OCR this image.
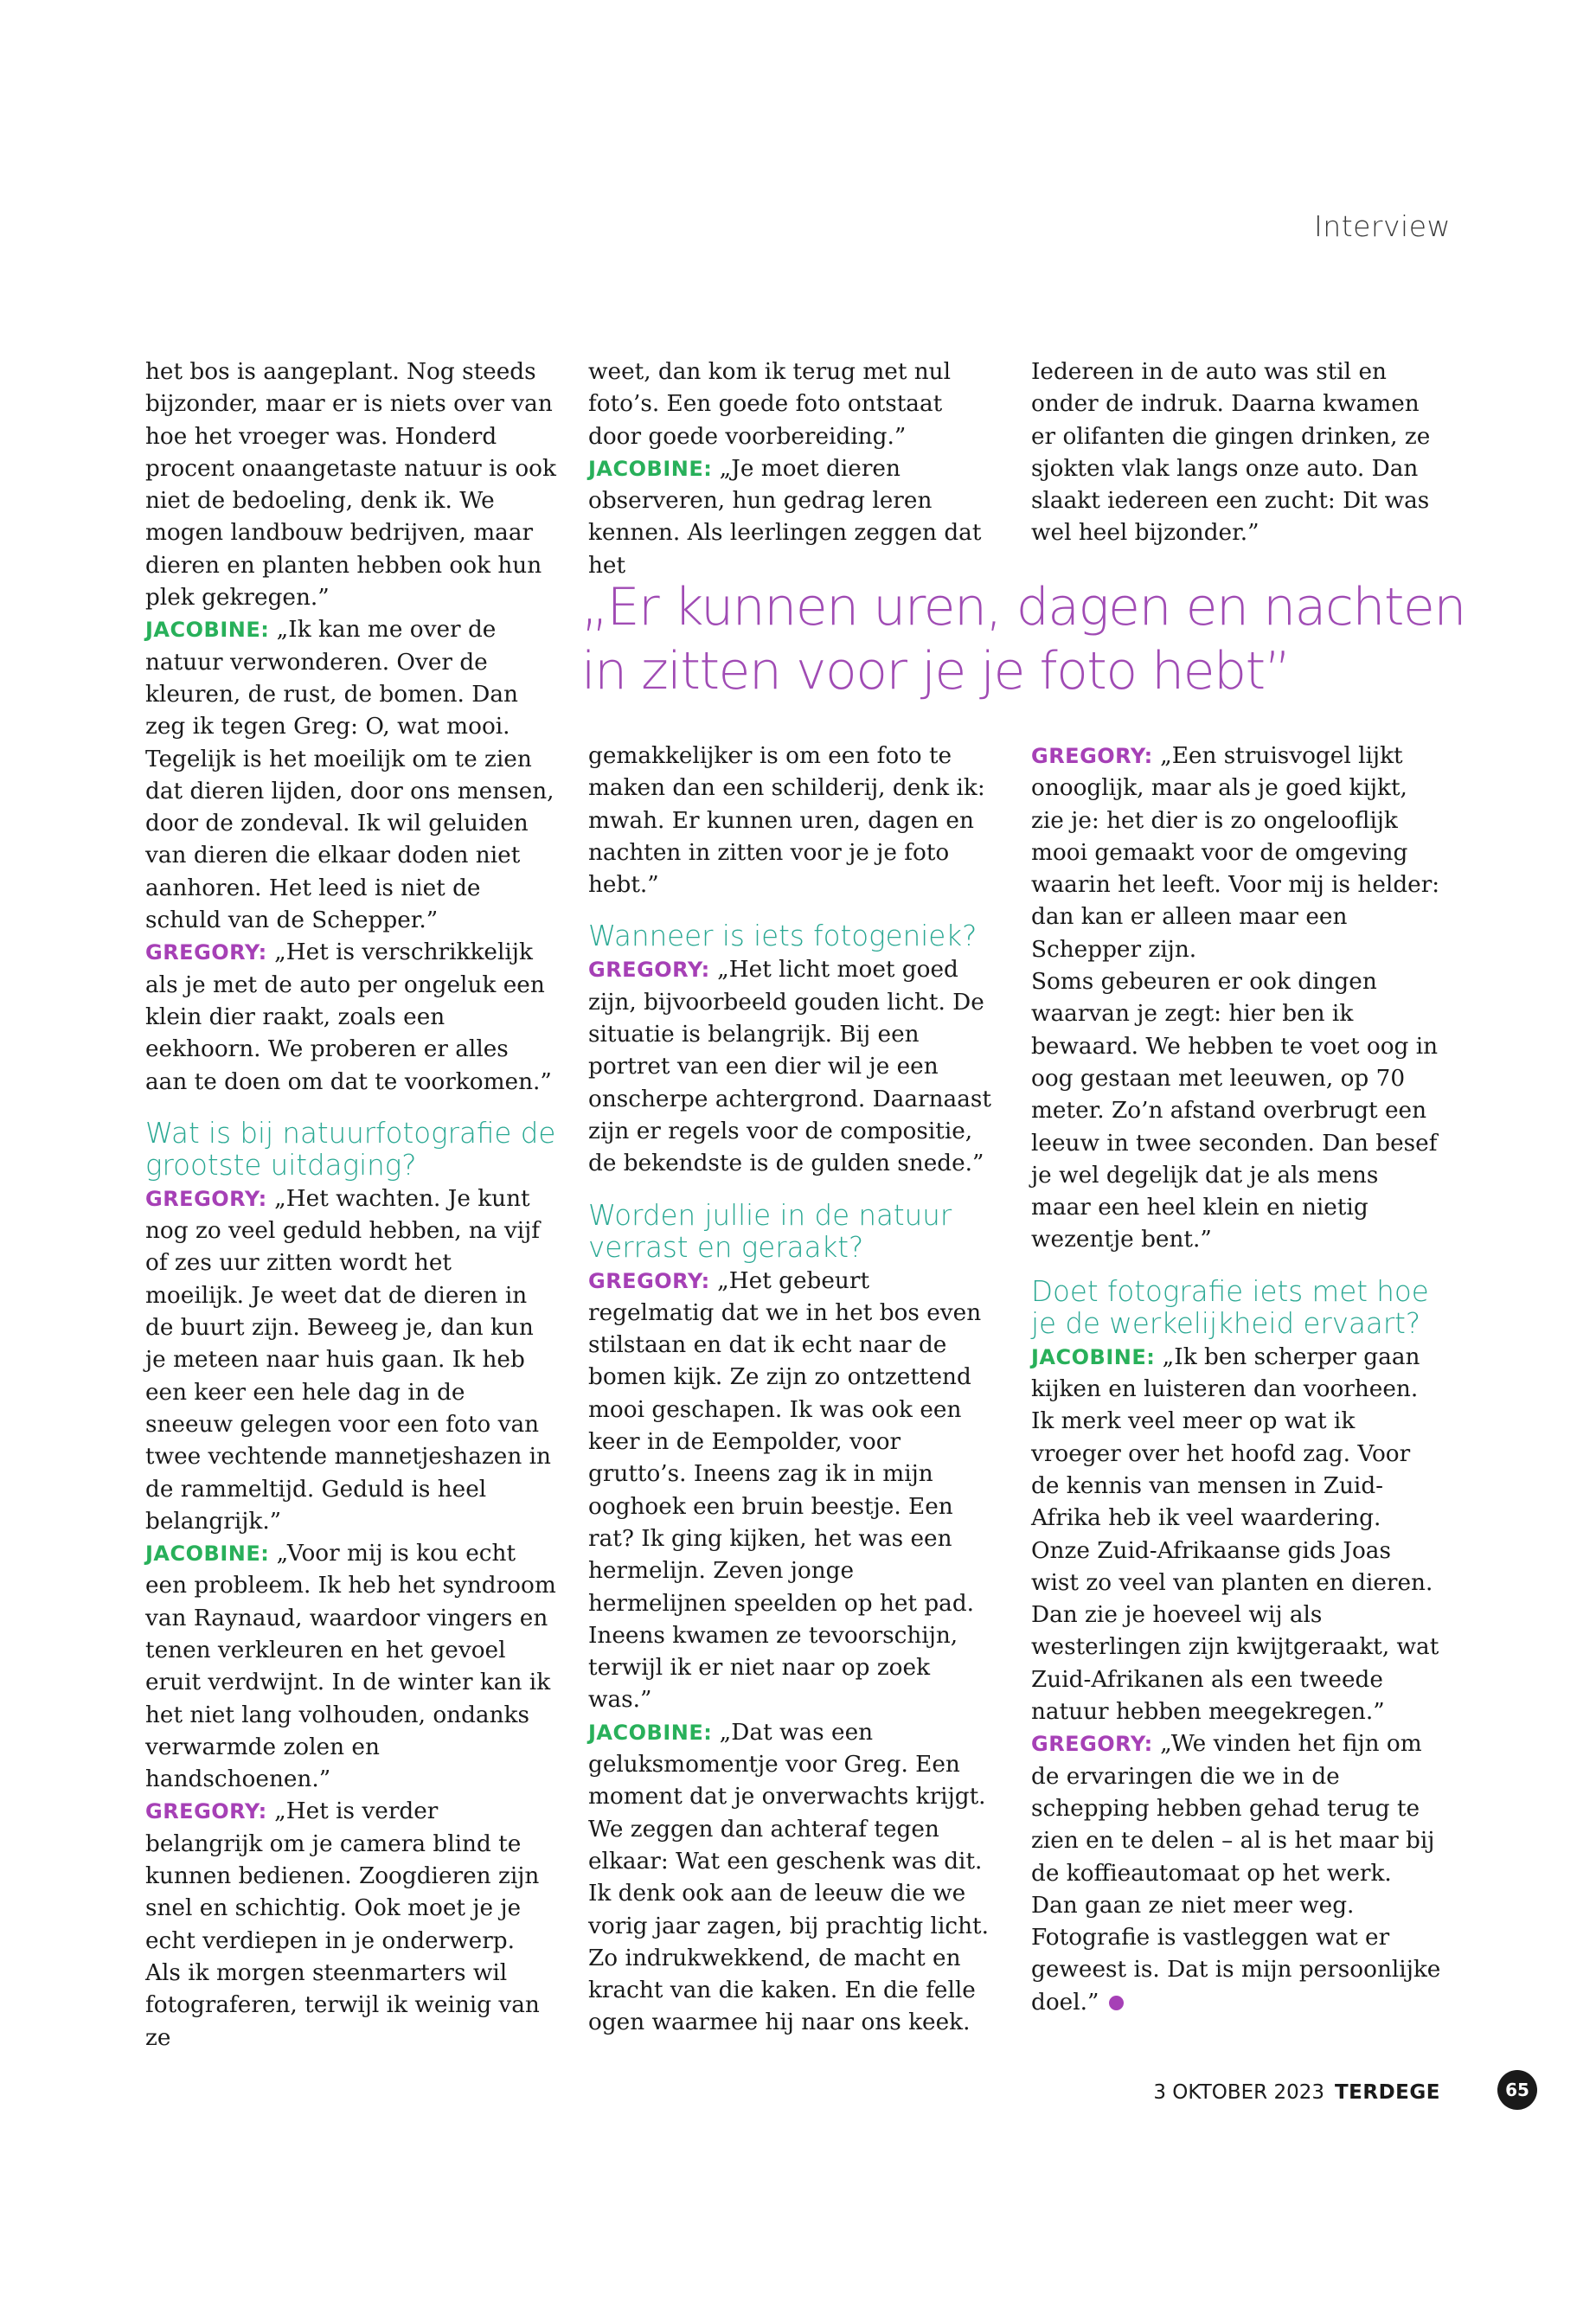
Interview

het bos is aangeplant. Nog steeds bijzonder, maar er is niets over van hoe het vroeger was. Honderd procent onaangetaste natuur is ook niet de bedoeling, denk ik. We mogen landbouw bedrijven, maar dieren en planten hebben ook hun plek gekregen.”

JACOBINE: „Ik kan me over de natuur verwonderen. Over de kleuren, de rust, de bomen. Dan zeg ik tegen Greg: O, wat mooi. Tegelijk is het moeilijk om te zien dat dieren lijden, door ons mensen, door de zondeval. Ik wil geluiden van dieren die elkaar doden niet aanhoren. Het leed is niet de schuld van de Schepper.”

GREGORY: „Het is verschrikkelijk als je met de auto per ongeluk een klein dier raakt, zoals een eekhoorn. We proberen er alles aan te doen om dat te voorkomen.”

Wat is bij natuurfotografie de grootste uitdaging?

GREGORY: „Het wachten. Je kunt nog zo veel geduld hebben, na vijf of zes uur zitten wordt het moeilijk. Je weet dat de dieren in de buurt zijn. Beweeg je, dan kun je meteen naar huis gaan. Ik heb een keer een hele dag in de sneeuw gelegen voor een foto van twee vechtende mannetjeshazen in de rammeltijd. Geduld is heel belangrijk.”

JACOBINE: „Voor mij is kou echt een probleem. Ik heb het syndroom van Raynaud, waardoor vingers en tenen verkleuren en het gevoel eruit verdwijnt. In de winter kan ik het niet lang volhouden, ondanks verwarmde zolen en handschoenen.”

GREGORY: „Het is verder belangrijk om je camera blind te kunnen bedienen. Zoogdieren zijn snel en schichtig. Ook moet je je echt verdiepen in je onderwerp. Als ik morgen steenmarters wil fotograferen, terwijl ik weinig van ze

weet, dan kom ik terug met nul foto’s. Een goede foto ontstaat door goede voorbereiding.”

JACOBINE: „Je moet dieren observeren, hun gedrag leren kennen. Als leerlingen zeggen dat het

Iedereen in de auto was stil en onder de indruk. Daarna kwamen er olifanten die gingen drinken, ze sjokten vlak langs onze auto. Dan slaakt iedereen een zucht: Dit was wel heel bijzonder.”

„Er kunnen uren, dagen en nachten
in zitten voor je je foto hebt”

gemakkelijker is om een foto te maken dan een schilderij, denk ik: mwah. Er kunnen uren, dagen en nachten in zitten voor je je foto hebt.”

Wanneer is iets fotogeniek?

GREGORY: „Het licht moet goed zijn, bijvoorbeeld gouden licht. De situatie is belangrijk. Bij een portret van een dier wil je een onscherpe achtergrond. Daarnaast zijn er regels voor de compositie, de bekendste is de gulden snede.”

Worden jullie in de natuur verrast en geraakt?

GREGORY: „Het gebeurt regelmatig dat we in het bos even stilstaan en dat ik echt naar de bomen kijk. Ze zijn zo ontzettend mooi geschapen. Ik was ook een keer in de Eempolder, voor grutto’s. Ineens zag ik in mijn ooghoek een bruin beestje. Een rat? Ik ging kijken, het was een hermelijn. Zeven jonge hermelijnen speelden op het pad. Ineens kwamen ze tevoorschijn, terwijl ik er niet naar op zoek was.”

JACOBINE: „Dat was een geluksmomentje voor Greg. Een moment dat je onverwachts krijgt. We zeggen dan achteraf tegen elkaar: Wat een geschenk was dit. Ik denk ook aan de leeuw die we vorig jaar zagen, bij prachtig licht. Zo indrukwekkend, de macht en kracht van die kaken. En die felle ogen waarmee hij naar ons keek.

GREGORY: „Een struisvogel lijkt onooglijk, maar als je goed kijkt, zie je: het dier is zo ongelooflijk mooi gemaakt voor de omgeving waarin het leeft. Voor mij is helder: dan kan er alleen maar een Schepper zijn.

Soms gebeuren er ook dingen waarvan je zegt: hier ben ik bewaard. We hebben te voet oog in oog gestaan met leeuwen, op 70 meter. Zo’n afstand overbrugt een leeuw in twee seconden. Dan besef je wel degelijk dat je als mens maar een heel klein en nietig wezentje bent.”

Doet fotografie iets met hoe je de werkelijkheid ervaart?

JACOBINE: „Ik ben scherper gaan kijken en luisteren dan voorheen. Ik merk veel meer op wat ik vroeger over het hoofd zag. Voor de kennis van mensen in Zuid-Afrika heb ik veel waardering. Onze Zuid-Afrikaanse gids Joas wist zo veel van planten en dieren. Dan zie je hoeveel wij als westerlingen zijn kwijtgeraakt, wat Zuid-Afrikanen als een tweede natuur hebben meegekregen.”

GREGORY: „We vinden het fijn om de ervaringen die we in de schepping hebben gehad terug te zien en te delen – al is het maar bij de koffieautomaat op het werk. Dan gaan ze niet meer weg. Fotografie is vastleggen wat er geweest is. Dat is mijn persoonlijke doel.”

3 OKTOBER 2023 TERDEGE	65
